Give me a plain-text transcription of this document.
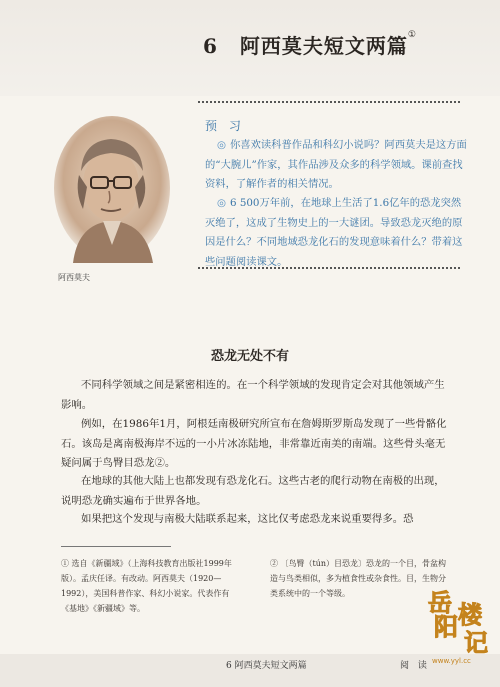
6 阿西莫夫短文两篇①
阿西莫夫
预 习
◎ 你喜欢读科普作品和科幻小说吗？阿西莫夫是这方面的“大腕儿”作家，其作品涉及众多的科学领域。课前查找资料，了解作者的相关情况。
◎ 6 500万年前，在地球上生活了1.6亿年的恐龙突然灭绝了，这成了生物史上的一大谜团。导致恐龙灭绝的原因是什么？不同地域恐龙化石的发现意味着什么？带着这些问题阅读课文。
恐龙无处不有
不同科学领域之间是紧密相连的。在一个科学领域的发现肯定会对其他领域产生影响。
例如，在1986年1月，阿根廷南极研究所宣布在詹姆斯罗斯岛发现了一些骨骼化石。该岛是离南极海岸不远的一小片冰冻陆地，非常靠近南美的南端。这些骨头毫无疑问属于鸟臀目恐龙②。
在地球的其他大陆上也都发现有恐龙化石。这些古老的爬行动物在南极的出现，说明恐龙确实遍布于世界各地。
如果把这个发现与南极大陆联系起来，这比仅考虑恐龙来说重要得多。恐
① 选自《新疆域》（上海科技教育出版社1999年版）。孟庆任译。有改动。阿西莫夫（1920—1992），美国科普作家、科幻小说家。代表作有《基地》《新疆域》等。
② 〔鸟臀（tún）目恐龙〕恐龙的一个目，骨盆构造与鸟类相似，多为植食性或杂食性。目，生物分类系统中的一个等级。
6 阿西莫夫短文两篇	阅 读
岳
阳 楼
记
www.yyl.cc
